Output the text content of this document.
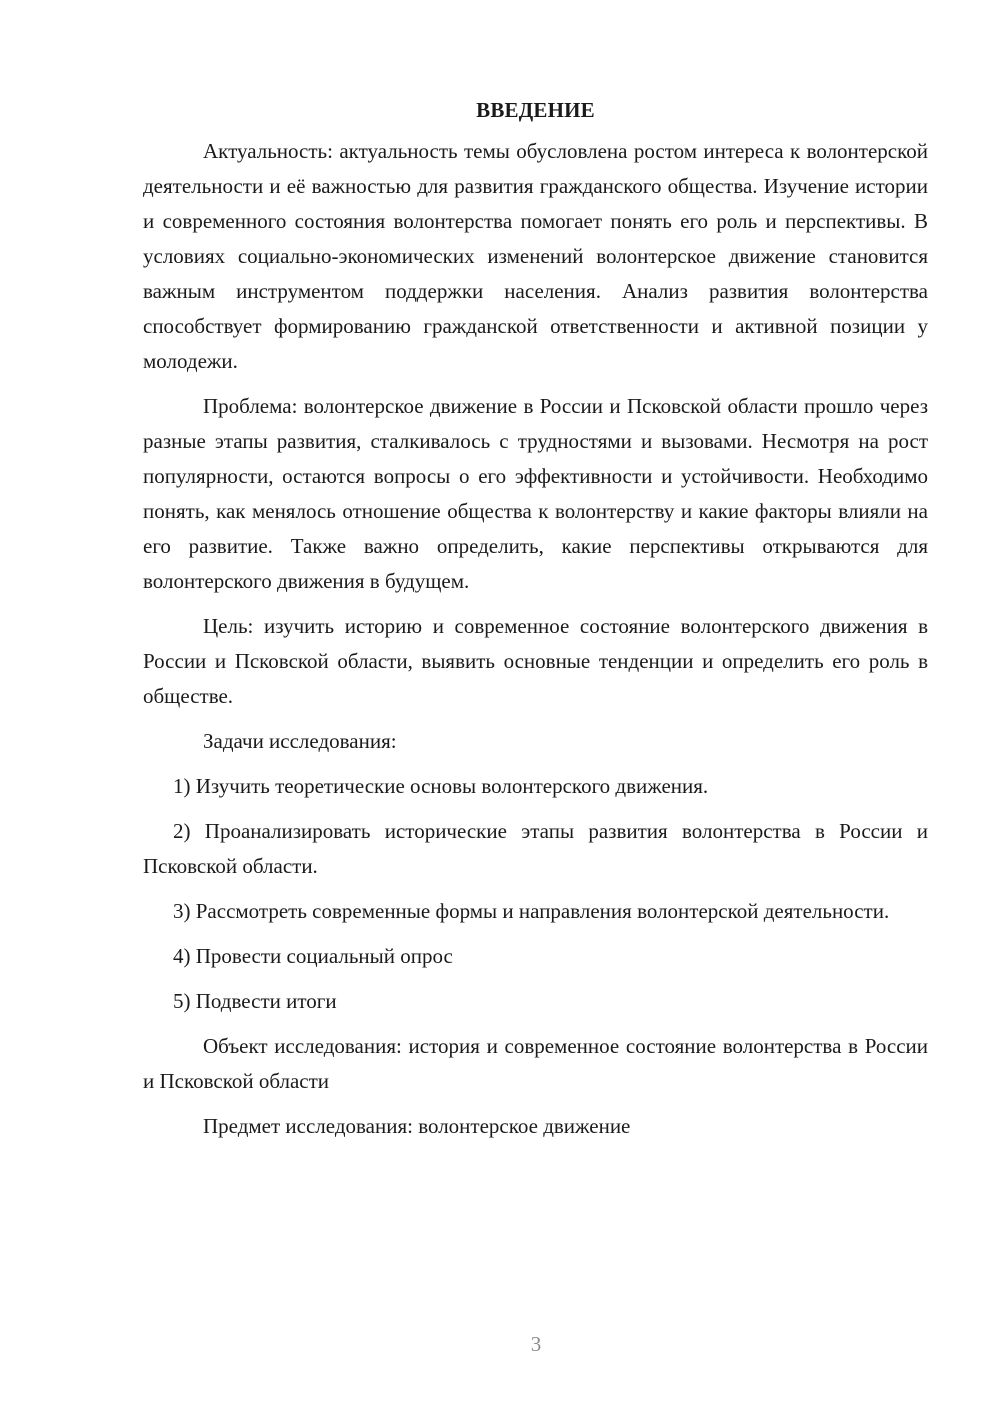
ВВЕДЕНИЕ

Актуальность: актуальность темы обусловлена ростом интереса к волонтерской деятельности и её важностью для развития гражданского общества. Изучение истории и современного состояния волонтерства помогает понять его роль и перспективы. В условиях социально-экономических изменений волонтерское движение становится важным инструментом поддержки населения. Анализ развития волонтерства способствует формированию гражданской ответственности и активной позиции у молодежи.

Проблема: волонтерское движение в России и Псковской области прошло через разные этапы развития, сталкивалось с трудностями и вызовами. Несмотря на рост популярности, остаются вопросы о его эффективности и устойчивости. Необходимо понять, как менялось отношение общества к волонтерству и какие факторы влияли на его развитие. Также важно определить, какие перспективы открываются для волонтерского движения в будущем.

Цель: изучить историю и современное состояние волонтерского движения в России и Псковской области, выявить основные тенденции и определить его роль в обществе.

Задачи исследования:

1) Изучить теоретические основы волонтерского движения.

2) Проанализировать исторические этапы развития волонтерства в России и Псковской области.

3) Рассмотреть современные формы и направления волонтерской деятельности.

4) Провести социальный опрос

5) Подвести итоги

Объект исследования: история и современное состояние волонтерства в России и Псковской области

Предмет исследования: волонтерское движение

3
